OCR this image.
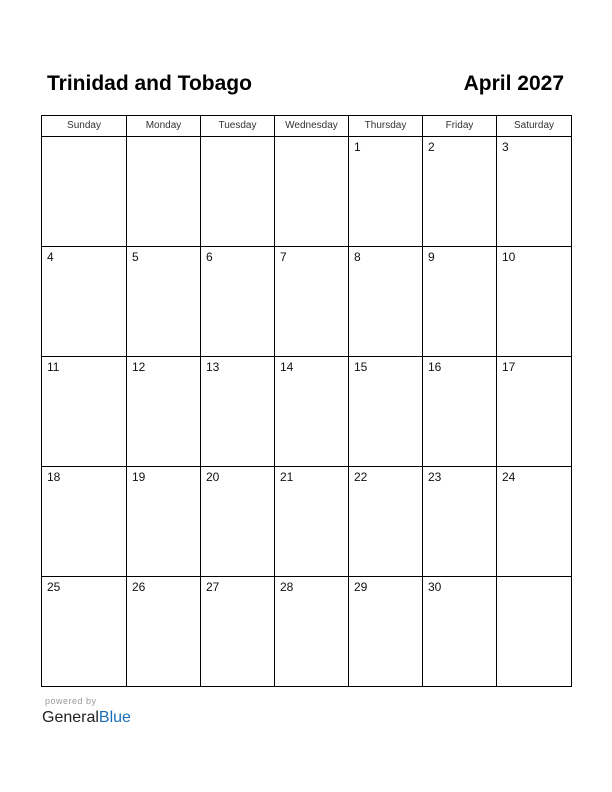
Trinidad and Tobago	April 2027
Sunday	Monday	Tuesday	Wednesday	Thursday	Friday	Saturday

				1	2	3

4	5	6	7	8	9	10

11	12	13	14	15	16	17

18	19	20	21	22	23	24

25	26	27	28	29	30	

powered by
GeneralBlue
